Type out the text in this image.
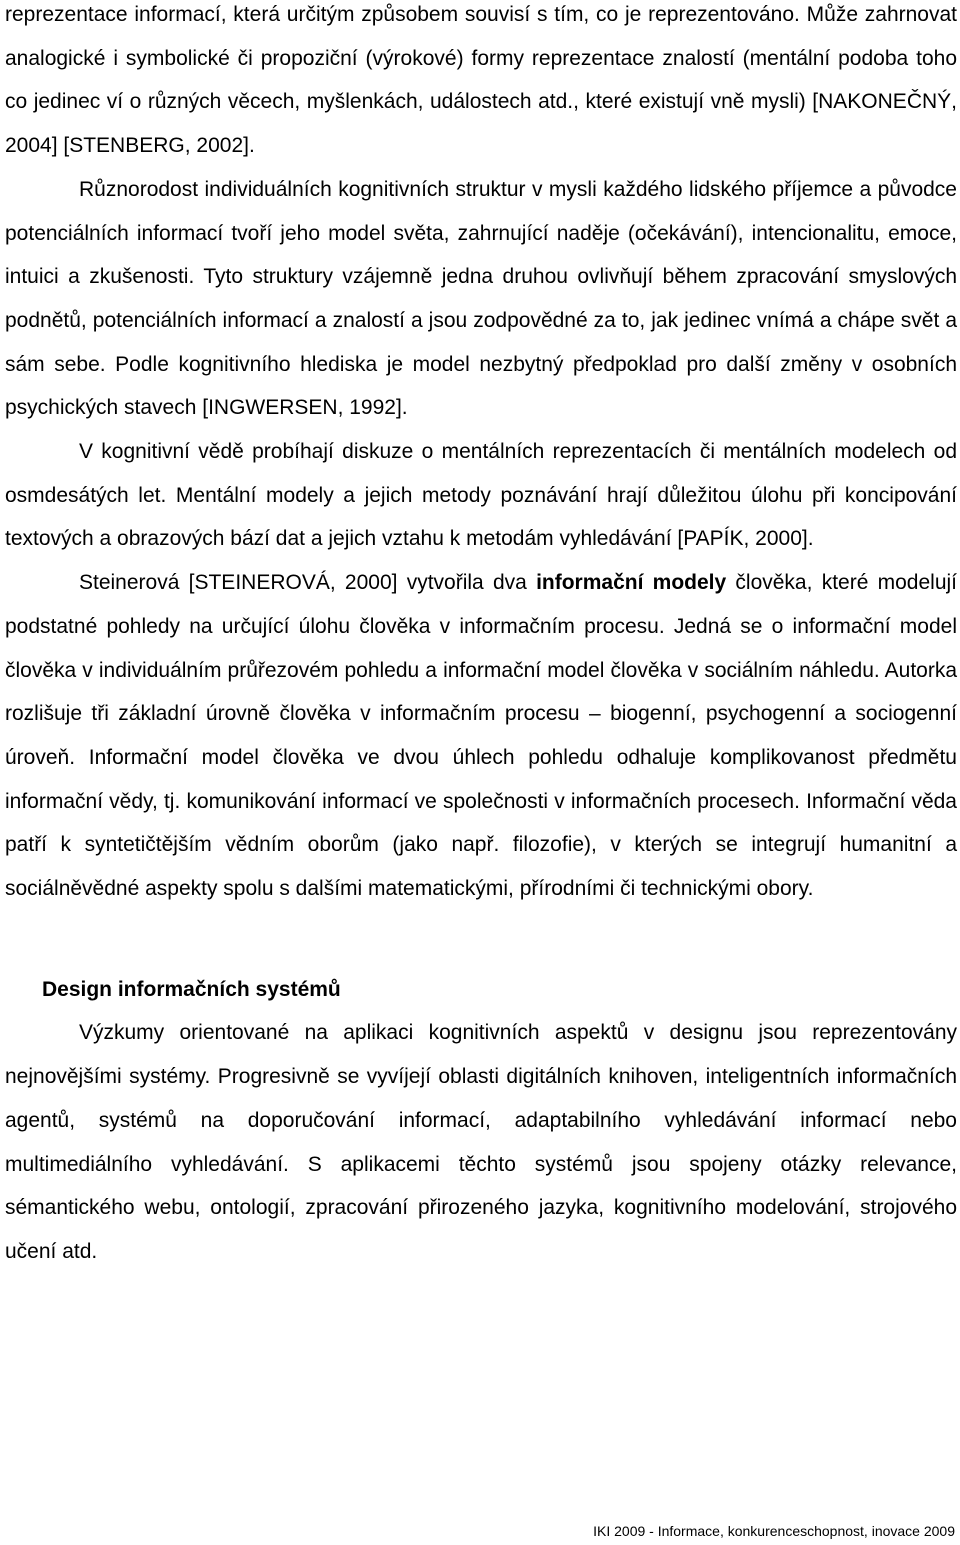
reprezentace informací, která určitým způsobem souvisí s tím, co je reprezentováno. Může zahrnovat analogické i symbolické či propoziční (výrokové) formy reprezentace znalostí (mentální podoba toho co jedinec ví o různých věcech, myšlenkách, událostech atd., které existují vně mysli) [NAKONEČNÝ, 2004] [STENBERG, 2002].

Různorodost individuálních kognitivních struktur v mysli každého lidského příjemce a původce potenciálních informací tvoří jeho model světa, zahrnující naděje (očekávání), intencionalitu, emoce, intuici a zkušenosti. Tyto struktury vzájemně jedna druhou ovlivňují během zpracování smyslových podnětů, potenciálních informací a znalostí a jsou zodpovědné za to, jak jedinec vnímá a chápe svět a sám sebe. Podle kognitivního hlediska je model nezbytný předpoklad pro další změny v osobních psychických stavech [INGWERSEN, 1992].

V kognitivní vědě probíhají diskuze o mentálních reprezentacích či mentálních modelech od osmdesátých let. Mentální modely a jejich metody poznávání hrají důležitou úlohu při koncipování textových a obrazových bází dat a jejich vztahu k metodám vyhledávání [PAPÍK, 2000].

Steinerová [STEINEROVÁ, 2000] vytvořila dva informační modely člověka, které modelují podstatné pohledy na určující úlohu člověka v informačním procesu. Jedná se o informační model člověka v individuálním průřezovém pohledu a informační model člověka v sociálním náhledu. Autorka rozlišuje tři základní úrovně člověka v informačním procesu – biogenní, psychogenní a sociogenní úroveň. Informační model člověka ve dvou úhlech pohledu odhaluje komplikovanost předmětu informační vědy, tj. komunikování informací ve společnosti v informačních procesech. Informační věda patří k syntetičtějším vědním oborům (jako např. filozofie), v kterých se integrují humanitní a sociálněvědné aspekty spolu s dalšími matematickými, přírodními či technickými obory.

Design informačních systémů

Výzkumy orientované na aplikaci kognitivních aspektů v designu jsou reprezentovány nejnovějšími systémy. Progresivně se vyvíjejí oblasti digitálních knihoven, inteligentních informačních agentů, systémů na doporučování informací, adaptabilního vyhledávání informací nebo multimediálního vyhledávání. S aplikacemi těchto systémů jsou spojeny otázky relevance, sémantického webu, ontologií, zpracování přirozeného jazyka, kognitivního modelování, strojového učení atd.

IKI 2009 - Informace, konkurenceschopnost, inovace 2009
